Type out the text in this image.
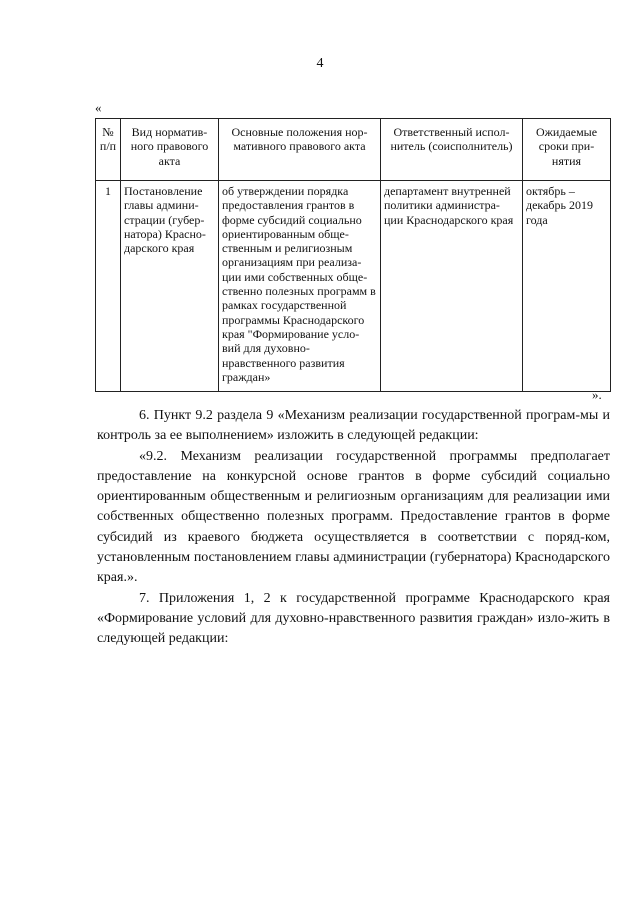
4
«
№ п/п	Вид норматив-ного правового акта	Основные положения нор-мативного правового акта	Ответственный испол-нитель (соисполнитель)	Ожидаемые сроки при-нятия
1	Постановление главы админи-страции (губер-натора) Красно-дарского края	об утверждении порядка предоставления грантов в форме субсидий социально ориентированным обще-ственным и религиозным организациям при реализа-ции ими собственных обще-ственно полезных программ в рамках государственной программы Краснодарского края "Формирование усло-вий для духовно-нравственного развития граждан»	департамент внутренней политики администра-ции Краснодарского края	октябрь – декабрь 2019 года
».

6. Пункт 9.2 раздела 9 «Механизм реализации государственной програм-мы и контроль за ее выполнением» изложить в следующей редакции:

«9.2. Механизм реализации государственной программы предполагает предоставление на конкурсной основе грантов в форме субсидий социально ориентированным общественным и религиозным организациям для реализации ими собственных общественно полезных программ. Предоставление грантов в форме субсидий из краевого бюджета осуществляется в соответствии с поряд-ком, установленным постановлением главы администрации (губернатора) Краснодарского края.».

7. Приложения 1, 2 к государственной программе Краснодарского края «Формирование условий для духовно-нравственного развития граждан» изло-жить в следующей редакции:
